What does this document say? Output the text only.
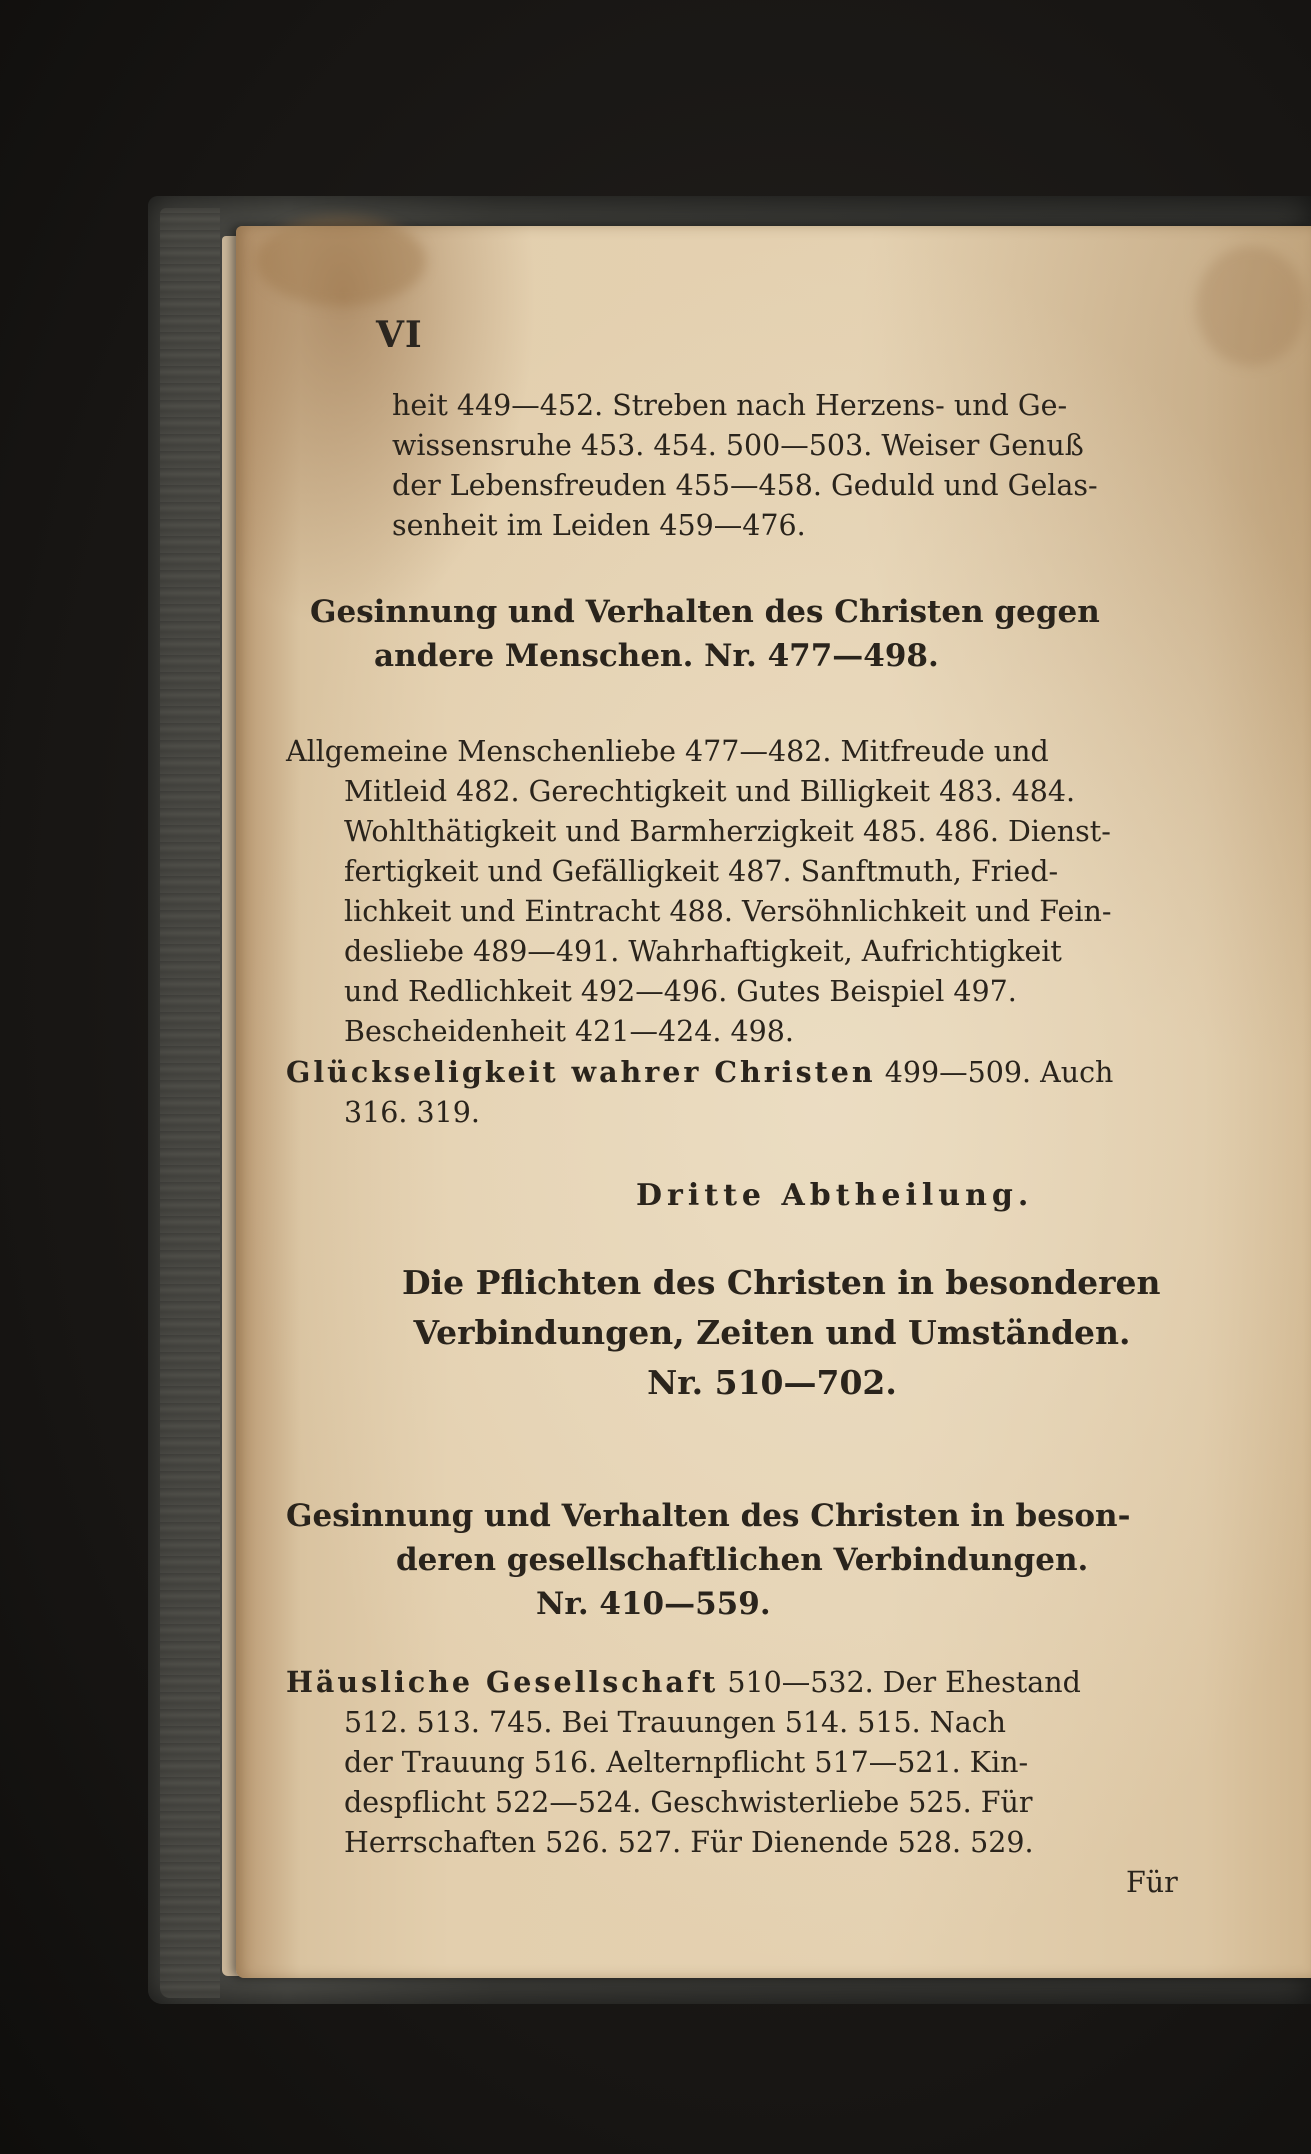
VI
heit 449—452. Streben nach Herzens- und Ge-
wissensruhe 453. 454. 500—503. Weiser Genuß
der Lebensfreuden 455—458. Geduld und Gelas-
senheit im Leiden 459—476.
Gesinnung und Verhalten des Christen gegen
andere Menschen. Nr. 477—498.
Allgemeine Menschenliebe 477—482. Mitfreude und
Mitleid 482. Gerechtigkeit und Billigkeit 483. 484.
Wohlthätigkeit und Barmherzigkeit 485. 486. Dienst-
fertigkeit und Gefälligkeit 487. Sanftmuth, Fried-
lichkeit und Eintracht 488. Versöhnlichkeit und Fein-
desliebe 489—491. Wahrhaftigkeit, Aufrichtigkeit
und Redlichkeit 492—496. Gutes Beispiel 497.
Bescheidenheit 421—424. 498.
Glückseligkeit wahrer Christen 499—509. Auch
316. 319.
Dritte Abtheilung.
Die Pflichten des Christen in besonderen
Verbindungen, Zeiten und Umständen.
Nr. 510—702.
Gesinnung und Verhalten des Christen in beson-
deren gesellschaftlichen Verbindungen.
Nr. 410—559.
Häusliche Gesellschaft 510—532. Der Ehestand
512. 513. 745. Bei Trauungen 514. 515. Nach
der Trauung 516. Aelternpflicht 517—521. Kin-
despflicht 522—524. Geschwisterliebe 525. Für
Herrschaften 526. 527. Für Dienende 528. 529.
Für
